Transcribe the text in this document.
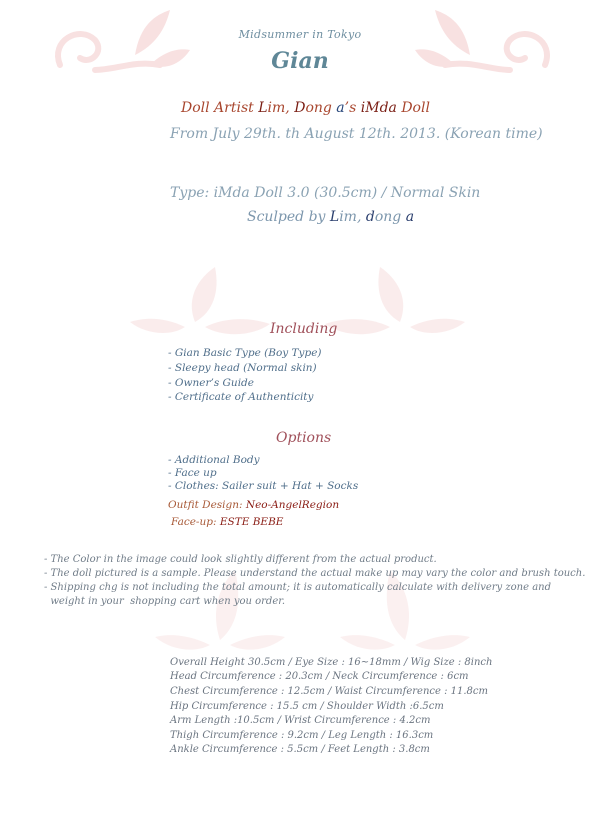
Midsummer in Tokyo
Gian
Doll Artist Lim, Dong a’s iMda Doll
From July 29th. th August 12th. 2013. (Korean time)
Type: iMda Doll 3.0 (30.5cm) / Normal Skin
Sculped by Lim, dong a
Including
- Gian Basic Type (Boy Type)
- Sleepy head (Normal skin)
- Owner’s Guide
- Certificate of Authenticity
Options
- Additional Body
- Face up
- Clothes: Sailer suit + Hat + Socks
Outfit Design: Neo-AngelRegion
Face-up: ESTE BEBE
- The Color in the image could look slightly different from the actual product.
- The doll pictured is a sample. Please understand the actual make up may vary the color and brush touch.
- Shipping chg is not including the total amount; it is automatically calculate with delivery zone and
weight in your  shopping cart when you order.
Overall Height 30.5cm / Eye Size : 16~18mm / Wig Size : 8inch
Head Circumference : 20.3cm / Neck Circumference : 6cm
Chest Circumference : 12.5cm / Waist Circumference : 11.8cm
Hip Circumference : 15.5 cm / Shoulder Width :6.5cm
Arm Length :10.5cm / Wrist Circumference : 4.2cm
Thigh Circumference : 9.2cm / Leg Length : 16.3cm
Ankle Circumference : 5.5cm / Feet Length : 3.8cm
